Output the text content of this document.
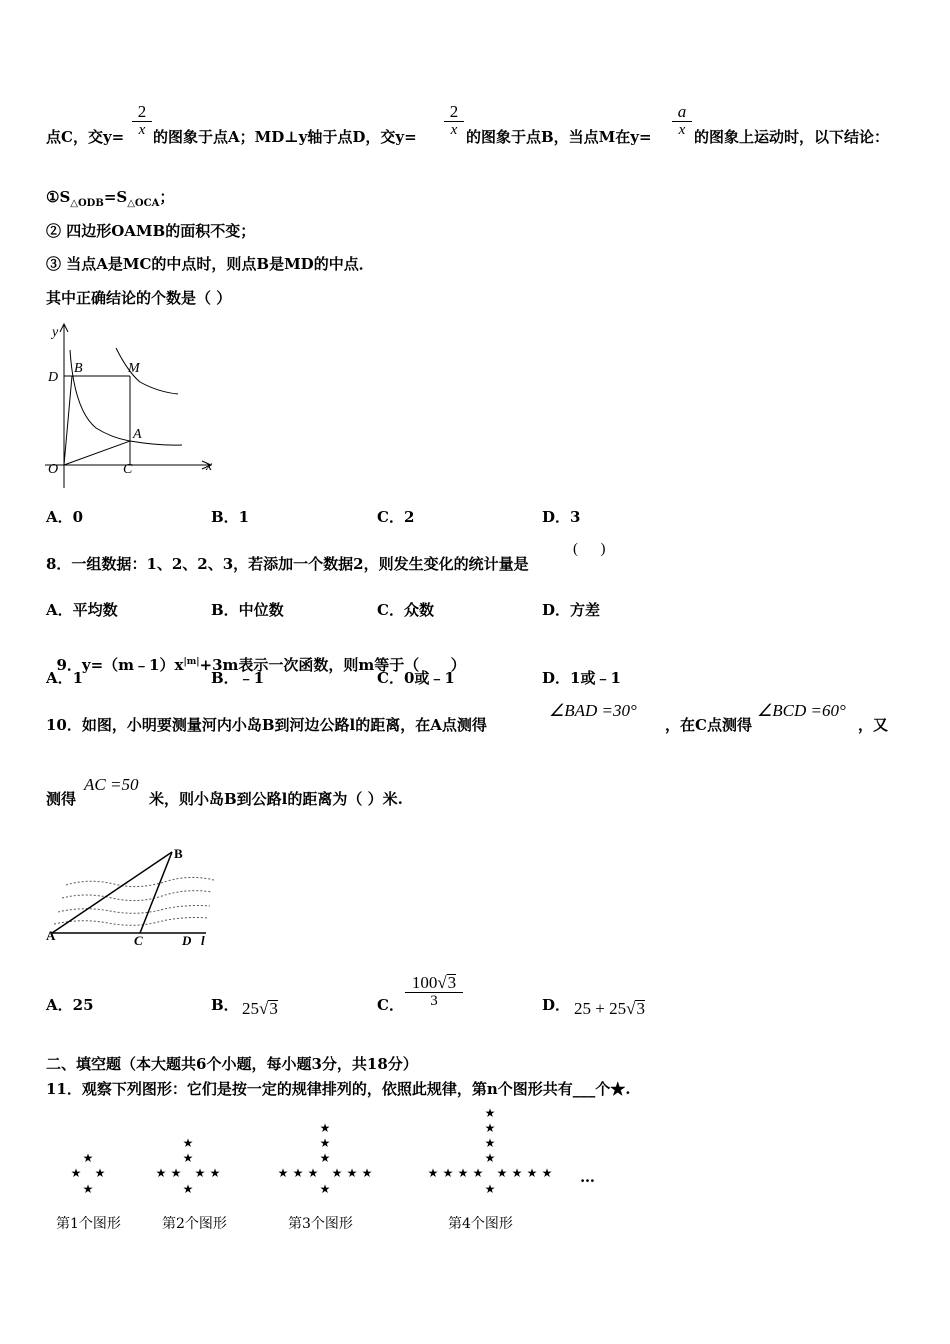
点C，交y=
2
x 的图象于点A；MD⊥y轴于点D，交y=
2
x 的图象于点B，当点M在y=
a
x 的图象上运动时，以下结论：
$①S_{\triangle ODB}=S_{\triangle OCA}$；
② 四边形OAMB的面积不变；
③ 当点A是MC的中点时，则点B是MD的中点．
其中正确结论的个数是（ ）
y
x
D
B	M
A
O	C
A．0	B．1	C．2	D．3
8．一组数据：1、2、2、3，若添加一个数据2，则发生变化的统计量是
(      )
A．平均数	B．中位数	C．众数	D．方差

9．$y=(m﹣1)x^{|m|}+3m$表示一次函数，则m等于（      ）

A．1	B．﹣1	C．0或﹣1	D．1或﹣1
10．如图，小明要测量河内小岛B到河边公路l的距离，在A点测得
∠BAD =30°
，在C点测得
∠BCD =60°
，又
测得
AC =50
米，则小岛B到公路l的距离为（ ）米.
A
B
C	D l
A．25	B． 25√3	C．
100√3
3	D． 25 + 25√3
二、填空题（本大题共6个小题，每小题3分，共18分）
11．观察下列图形：它们是按一定的规律排列的，依照此规律，第n个图形共有___个★.
★
★ ★
★
★
★
★
★ ★ ★
★
★
★
★
★
★
★	★ ★ ★
★
★
★
★
★
★
★
★
★	★ ★ ★ ★
★
第1个图形	第2个图形	第3个图形	第4个图形
…
